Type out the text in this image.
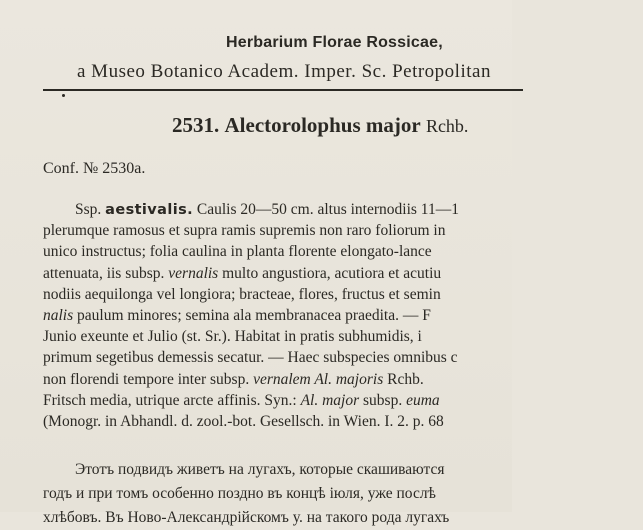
Herbarium Florae Rossicae,
a Museo Botanico Academ. Imper. Sc. Petropolitan
2531. Alectorolophus major Rchb.
Conf. № 2530a.
Ssp. aestivalis. Caulis 20—50 cm. altus internodiis 11—1
plerumque ramosus et supra ramis supremis non raro foliorum in
unico instructus; folia caulina in planta florente elongato-lance
attenuata, iis subsp. vernalis multo angustiora, acutiora et acutiu
nodiis aequilonga vel longiora; bracteae, flores, fructus et semin
nalis paulum minores; semina ala membranacea praedita. — F
Junio exeunte et Julio (st. Sr.). Habitat in pratis subhumidis, i
primum segetibus demessis secatur. — Haec subspecies omnibus c
non florendi tempore inter subsp. vernalem Al. majoris Rchb.
Fritsch media, utrique arcte affinis. Syn.: Al. major subsp. euma
(Monogr. in Abhandl. d. zool.-bot. Gesellsch. in Wien. I. 2. p. 68
Этотъ подвидъ живетъ на лугахъ, которые скашиваются
годъ и при томъ особенно поздно въ концѣ іюля, уже послѣ
хлѣбовъ. Въ Ново-Александрійскомъ у. на такого рода лугахъ
